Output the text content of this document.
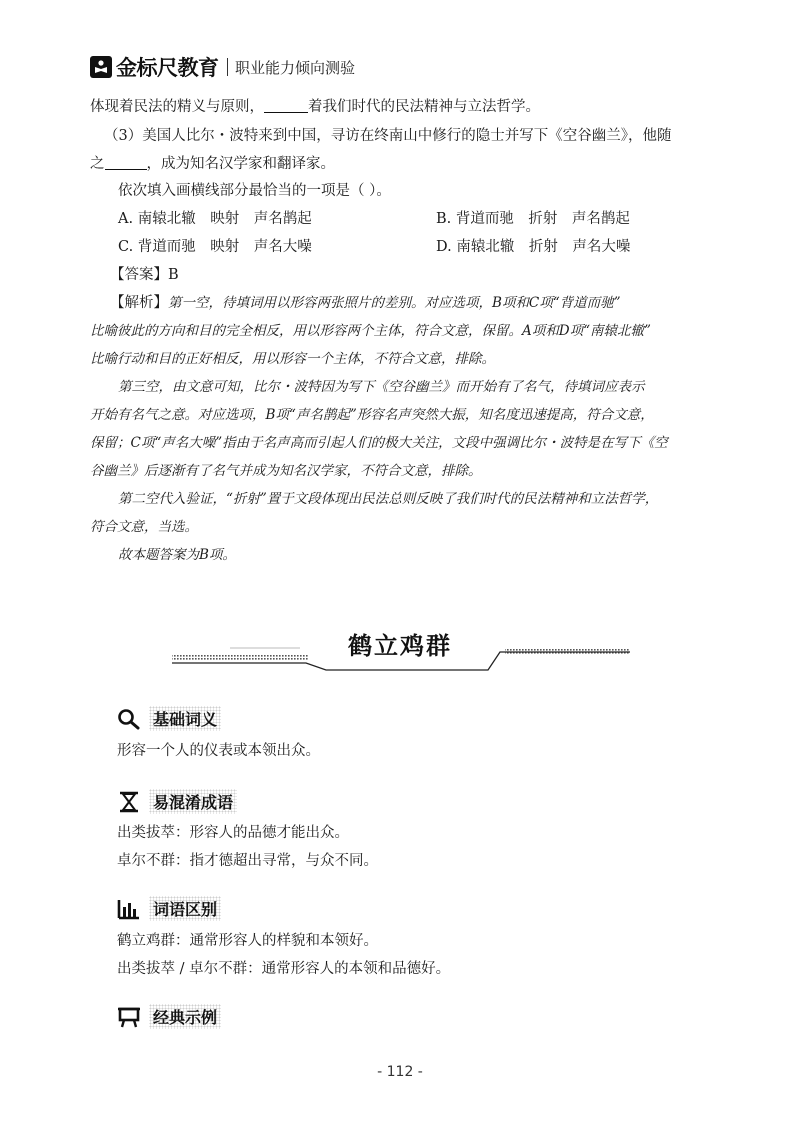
金标尺教育 职业能力倾向测验
体现着民法的精义与原则，	着我们时代的民法精神与立法哲学。
（3）美国人比尔・波特来到中国，寻访在终南山中修行的隐士并写下《空谷幽兰》，他随
之	，成为知名汉学家和翻译家。
依次填入画横线部分最恰当的一项是（ ）。
A. 南辕北辙　映射　声名鹊起	B. 背道而驰　折射　声名鹊起
C. 背道而驰　映射　声名大噪	D. 南辕北辙　折射　声名大噪
【答案】B
【解析】第一空，待填词用以形容两张照片的差别。对应选项，B项和C项“背道而驰”
比喻彼此的方向和目的完全相反，用以形容两个主体，符合文意，保留。A项和D项“南辕北辙”
比喻行动和目的正好相反，用以形容一个主体，不符合文意，排除。
第三空，由文意可知，比尔・波特因为写下《空谷幽兰》而开始有了名气，待填词应表示
开始有名气之意。对应选项，B项“声名鹊起”形容名声突然大振，知名度迅速提高，符合文意，
保留；C项“声名大噪”指由于名声高而引起人们的极大关注，文段中强调比尔・波特是在写下《空
谷幽兰》后逐渐有了名气并成为知名汉学家，不符合文意，排除。
第二空代入验证，“折射”置于文段体现出民法总则反映了我们时代的民法精神和立法哲学，
符合文意，当选。
故本题答案为B项。
鹤立鸡群
基础词义
形容一个人的仪表或本领出众。
易混淆成语
出类拔萃：形容人的品德才能出众。
卓尔不群：指才德超出寻常，与众不同。
词语区别
鹤立鸡群：通常形容人的样貌和本领好。
出类拔萃 / 卓尔不群：通常形容人的本领和品德好。
经典示例
- 112 -
